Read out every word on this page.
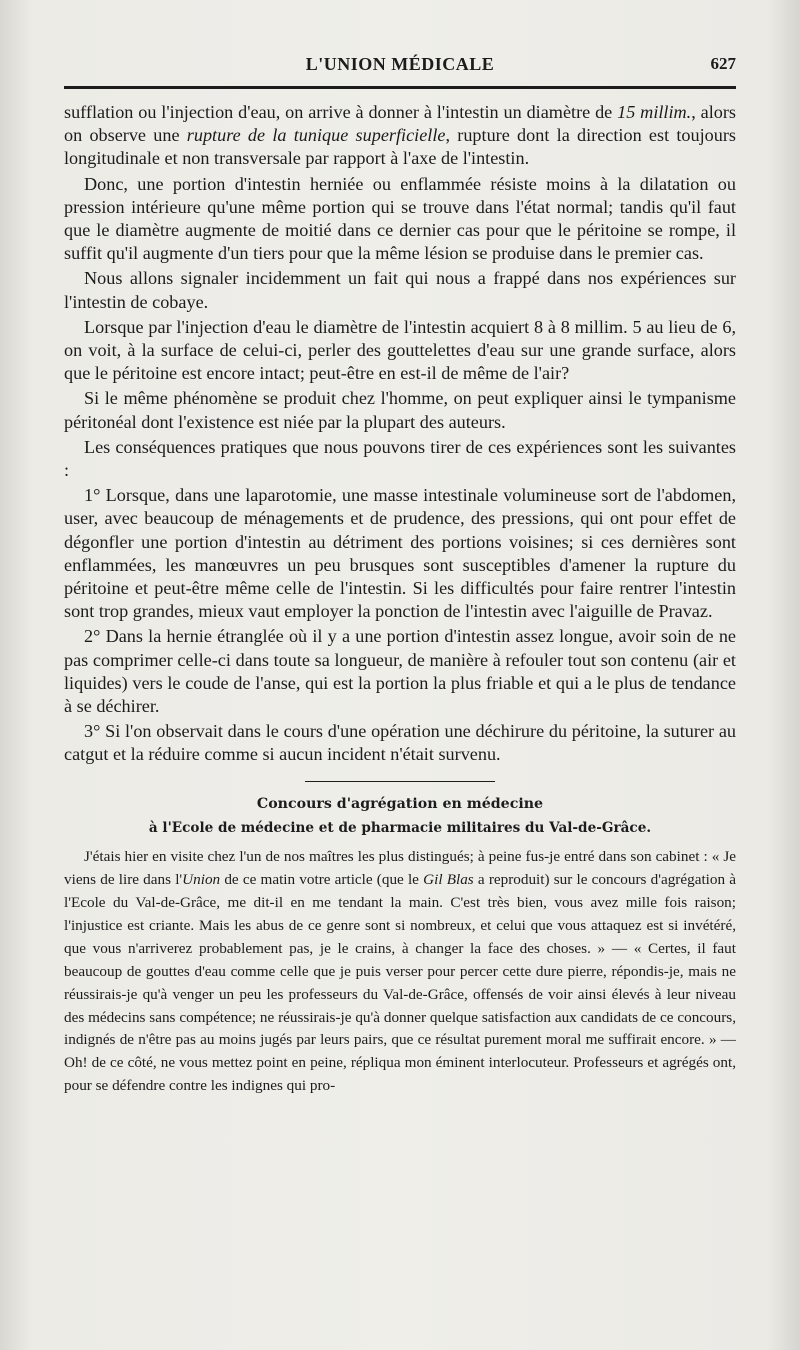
L'UNION MÉDICALE	627

sufflation ou l'injection d'eau, on arrive à donner à l'intestin un diamètre de 15 millim., alors on observe une rupture de la tunique superficielle, rupture dont la direction est toujours longitudinale et non transversale par rapport à l'axe de l'intestin.

Donc, une portion d'intestin herniée ou enflammée résiste moins à la dilatation ou pression intérieure qu'une même portion qui se trouve dans l'état normal; tandis qu'il faut que le diamètre augmente de moitié dans ce dernier cas pour que le péritoine se rompe, il suffit qu'il augmente d'un tiers pour que la même lésion se produise dans le premier cas.

Nous allons signaler incidemment un fait qui nous a frappé dans nos expériences sur l'intestin de cobaye.

Lorsque par l'injection d'eau le diamètre de l'intestin acquiert 8 à 8 millim. 5 au lieu de 6, on voit, à la surface de celui-ci, perler des gouttelettes d'eau sur une grande surface, alors que le péritoine est encore intact; peut-être en est-il de même de l'air?

Si le même phénomène se produit chez l'homme, on peut expliquer ainsi le tympanisme péritonéal dont l'existence est niée par la plupart des auteurs.

Les conséquences pratiques que nous pouvons tirer de ces expériences sont les suivantes :

1° Lorsque, dans une laparotomie, une masse intestinale volumineuse sort de l'abdomen, user, avec beaucoup de ménagements et de prudence, des pressions, qui ont pour effet de dégonfler une portion d'intestin au détriment des portions voisines; si ces dernières sont enflammées, les manœuvres un peu brusques sont susceptibles d'amener la rupture du péritoine et peut-être même celle de l'intestin. Si les difficultés pour faire rentrer l'intestin sont trop grandes, mieux vaut employer la ponction de l'intestin avec l'aiguille de Pravaz.

2° Dans la hernie étranglée où il y a une portion d'intestin assez longue, avoir soin de ne pas comprimer celle-ci dans toute sa longueur, de manière à refouler tout son contenu (air et liquides) vers le coude de l'anse, qui est la portion la plus friable et qui a le plus de tendance à se déchirer.

3° Si l'on observait dans le cours d'une opération une déchirure du péritoine, la suturer au catgut et la réduire comme si aucun incident n'était survenu.

Concours d'agrégation en médecine
à l'Ecole de médecine et de pharmacie militaires du Val-de-Grâce.

J'étais hier en visite chez l'un de nos maîtres les plus distingués; à peine fus-je entré dans son cabinet : « Je viens de lire dans l'Union de ce matin votre article (que le Gil Blas a reproduit) sur le concours d'agrégation à l'Ecole du Val-de-Grâce, me dit-il en me tendant la main. C'est très bien, vous avez mille fois raison; l'injustice est criante. Mais les abus de ce genre sont si nombreux, et celui que vous attaquez est si invétéré, que vous n'arriverez probablement pas, je le crains, à changer la face des choses. » — « Certes, il faut beaucoup de gouttes d'eau comme celle que je puis verser pour percer cette dure pierre, répondis-je, mais ne réussirais-je qu'à venger un peu les professeurs du Val-de-Grâce, offensés de voir ainsi élevés à leur niveau des médecins sans compétence; ne réussirais-je qu'à donner quelque satisfaction aux candidats de ce concours, indignés de n'être pas au moins jugés par leurs pairs, que ce résultat purement moral me suffirait encore. » — Oh! de ce côté, ne vous mettez point en peine, répliqua mon éminent interlocuteur. Professeurs et agrégés ont, pour se défendre contre les indignes qui pro-
